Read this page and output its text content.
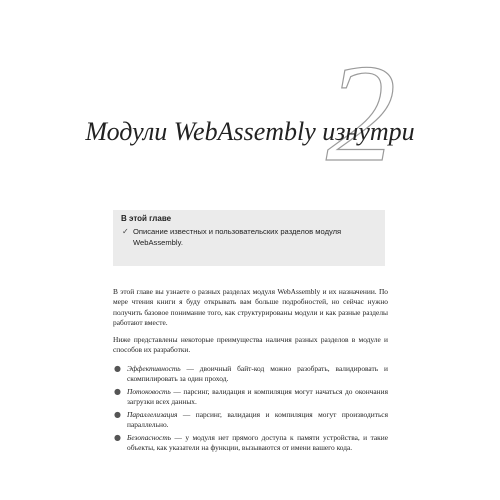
2
Модули WebAssembly изнутри
В этой главе
✓ Описание известных и пользовательских разделов модуля WebAssembly.
В этой главе вы узнаете о разных разделах модуля WebAssembly и их назначении. По мере чтения книги я буду открывать вам больше подробностей, но сейчас нужно получить базовое понимание того, как структурированы модули и как разные разделы работают вместе.
Ниже представлены некоторые преимущества наличия разных разделов в модуле и способов их разработки.
● Эффективность — двоичный байт-код можно разобрать, валидировать и скомпилировать за один проход.
● Потоковость — парсинг, валидация и компиляция могут начаться до окончания загрузки всех данных.
● Параллелизация — парсинг, валидация и компиляция могут производиться параллельно.
● Безопасность — у модуля нет прямого доступа к памяти устройства, и такие объекты, как указатели на функции, вызываются от имени вашего кода.
